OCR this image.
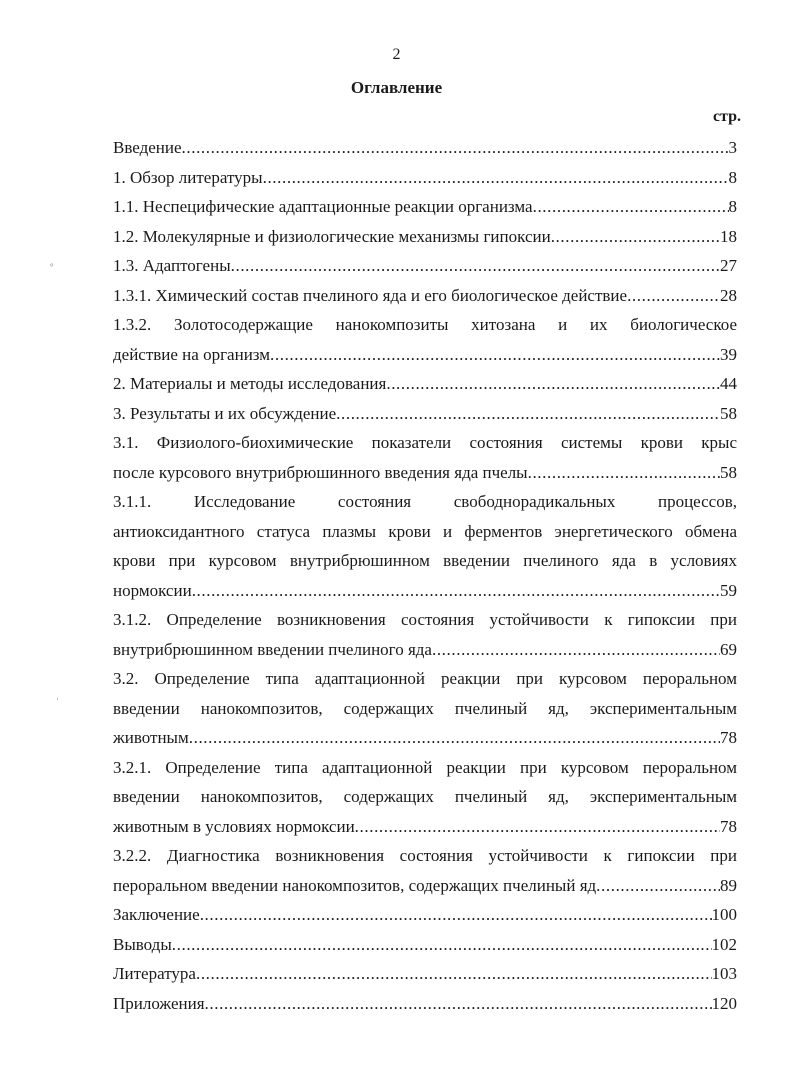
2
Оглавление
стр.
Введение .....	3
1. Обзор литературы .....	8
1.1. Неспецифические адаптационные реакции организма .....	8
1.2. Молекулярные и физиологические механизмы гипоксии .....	18
1.3. Адаптогены .....	27
1.3.1. Химический состав пчелиного яда и его биологическое действие .....	28
1.3.2. Золотосодержащие нанокомпозиты хитозана и их биологическое
действие на организм .....	39
2. Материалы и методы исследования .....	44
3. Результаты и их обсуждение .....	58
3.1. Физиолого-биохимические показатели состояния системы крови крыс
после курсового внутрибрюшинного введения яда пчелы .....	58
3.1.1. Исследование состояния свободнорадикальных процессов,
антиоксидантного статуса плазмы крови и ферментов энергетического обмена
крови при курсовом внутрибрюшинном введении пчелиного яда в условиях
нормоксии .....	59
3.1.2. Определение возникновения состояния устойчивости к гипоксии при
внутрибрюшинном введении пчелиного яда .....	69
3.2. Определение типа адаптационной реакции при курсовом пероральном
введении нанокомпозитов, содержащих пчелиный яд, экспериментальным
животным .....	78
3.2.1. Определение типа адаптационной реакции при курсовом пероральном
введении нанокомпозитов, содержащих пчелиный яд, экспериментальным
животным в условиях нормоксии .....	78
3.2.2. Диагностика возникновения состояния устойчивости к гипоксии при
пероральном введении нанокомпозитов, содержащих пчелиный яд .....	89
Заключение .....	100
Выводы .....	102
Литература .....	103
Приложения .....	120
°
·
